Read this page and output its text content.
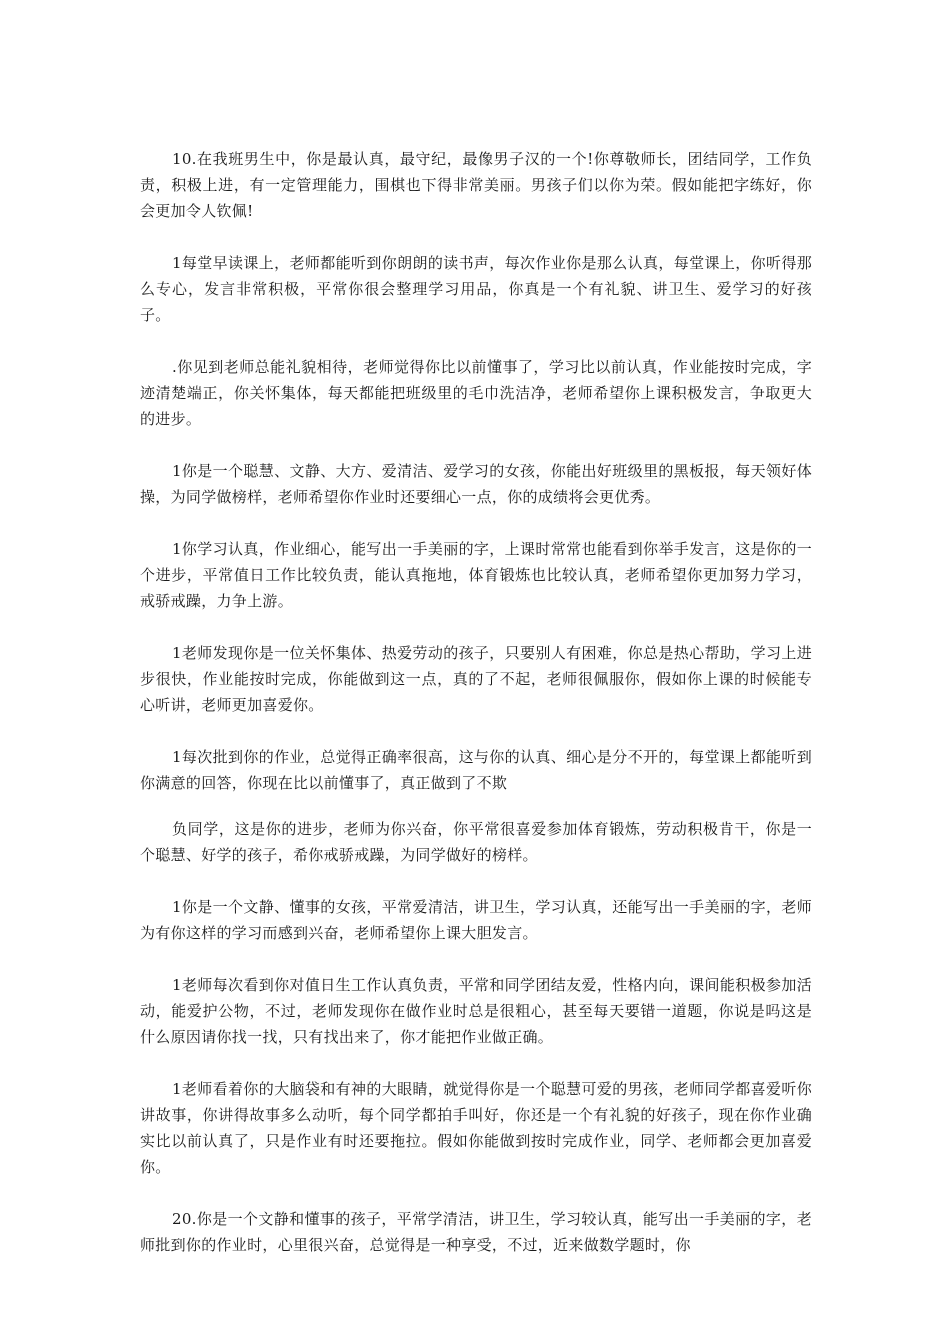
10.在我班男生中，你是最认真，最守纪，最像男子汉的一个!你尊敬师长，团结同学，工作负责，积极上进，有一定管理能力，围棋也下得非常美丽。男孩子们以你为荣。假如能把字练好，你会更加令人钦佩!

1每堂早读课上，老师都能听到你朗朗的读书声，每次作业你是那么认真，每堂课上，你听得那么专心，发言非常积极，平常你很会整理学习用品，你真是一个有礼貌、讲卫生、爱学习的好孩子。

.你见到老师总能礼貌相待，老师觉得你比以前懂事了，学习比以前认真，作业能按时完成，字迹清楚端正，你关怀集体，每天都能把班级里的毛巾洗洁净，老师希望你上课积极发言，争取更大的进步。

1你是一个聪慧、文静、大方、爱清洁、爱学习的女孩，你能出好班级里的黑板报，每天领好体操，为同学做榜样，老师希望你作业时还要细心一点，你的成绩将会更优秀。

1你学习认真，作业细心，能写出一手美丽的字，上课时常常也能看到你举手发言，这是你的一个进步，平常值日工作比较负责，能认真拖地，体育锻炼也比较认真，老师希望你更加努力学习，戒骄戒躁，力争上游。

1老师发现你是一位关怀集体、热爱劳动的孩子，只要别人有困难，你总是热心帮助，学习上进步很快，作业能按时完成，你能做到这一点，真的了不起，老师很佩服你，假如你上课的时候能专心听讲，老师更加喜爱你。

1每次批到你的作业，总觉得正确率很高，这与你的认真、细心是分不开的，每堂课上都能听到你满意的回答，你现在比以前懂事了，真正做到了不欺

负同学，这是你的进步，老师为你兴奋，你平常很喜爱参加体育锻炼，劳动积极肯干，你是一个聪慧、好学的孩子，希你戒骄戒躁，为同学做好的榜样。

1你是一个文静、懂事的女孩，平常爱清洁，讲卫生，学习认真，还能写出一手美丽的字，老师为有你这样的学习而感到兴奋，老师希望你上课大胆发言。

1老师每次看到你对值日生工作认真负责，平常和同学团结友爱，性格内向，课间能积极参加活动，能爱护公物，不过，老师发现你在做作业时总是很粗心，甚至每天要错一道题，你说是吗这是什么原因请你找一找，只有找出来了，你才能把作业做正确。

1老师看着你的大脑袋和有神的大眼睛，就觉得你是一个聪慧可爱的男孩，老师同学都喜爱听你讲故事，你讲得故事多么动听，每个同学都拍手叫好，你还是一个有礼貌的好孩子，现在你作业确实比以前认真了，只是作业有时还要拖拉。假如你能做到按时完成作业，同学、老师都会更加喜爱你。

20.你是一个文静和懂事的孩子，平常学清洁，讲卫生，学习较认真，能写出一手美丽的字，老师批到你的作业时，心里很兴奋，总觉得是一种享受，不过，近来做数学题时，你
